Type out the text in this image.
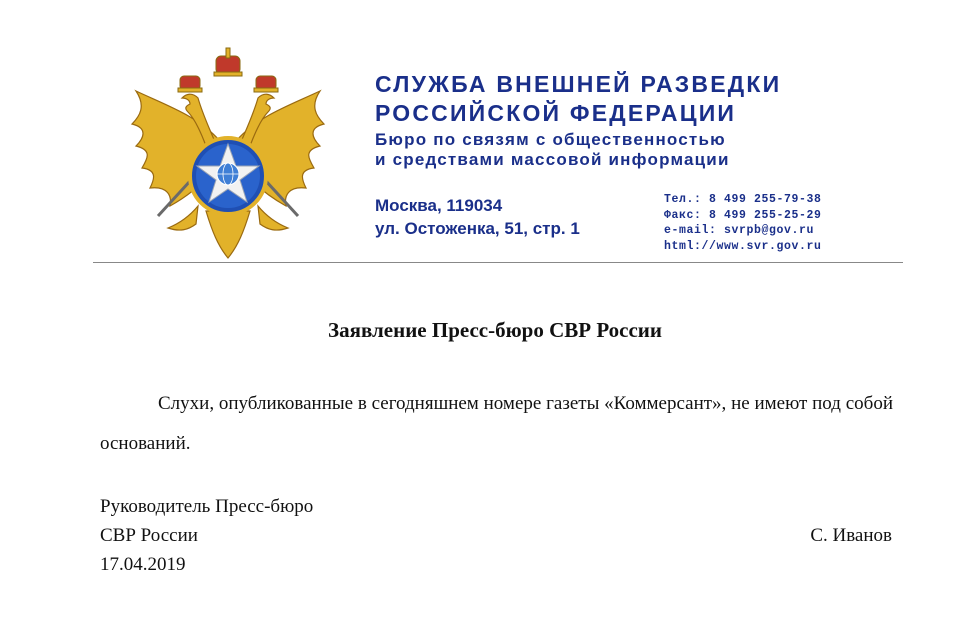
СЛУЖБА ВНЕШНЕЙ РАЗВЕДКИ
РОССИЙСКОЙ ФЕДЕРАЦИИ
Бюро по связям с общественностью
и средствами массовой информации
Москва, 119034
ул. Остоженка, 51, стр. 1
Тел.: 8 499 255-79-38
Факс: 8 499 255-25-29
e-mail: svrpb@gov.ru
html://www.svr.gov.ru
Заявление Пресс-бюро СВР России
Слухи, опубликованные в сегодняшнем номере газеты «Коммерсант», не имеют под собой оснований.
Руководитель Пресс-бюро
СВР России
17.04.2019
С. Иванов
